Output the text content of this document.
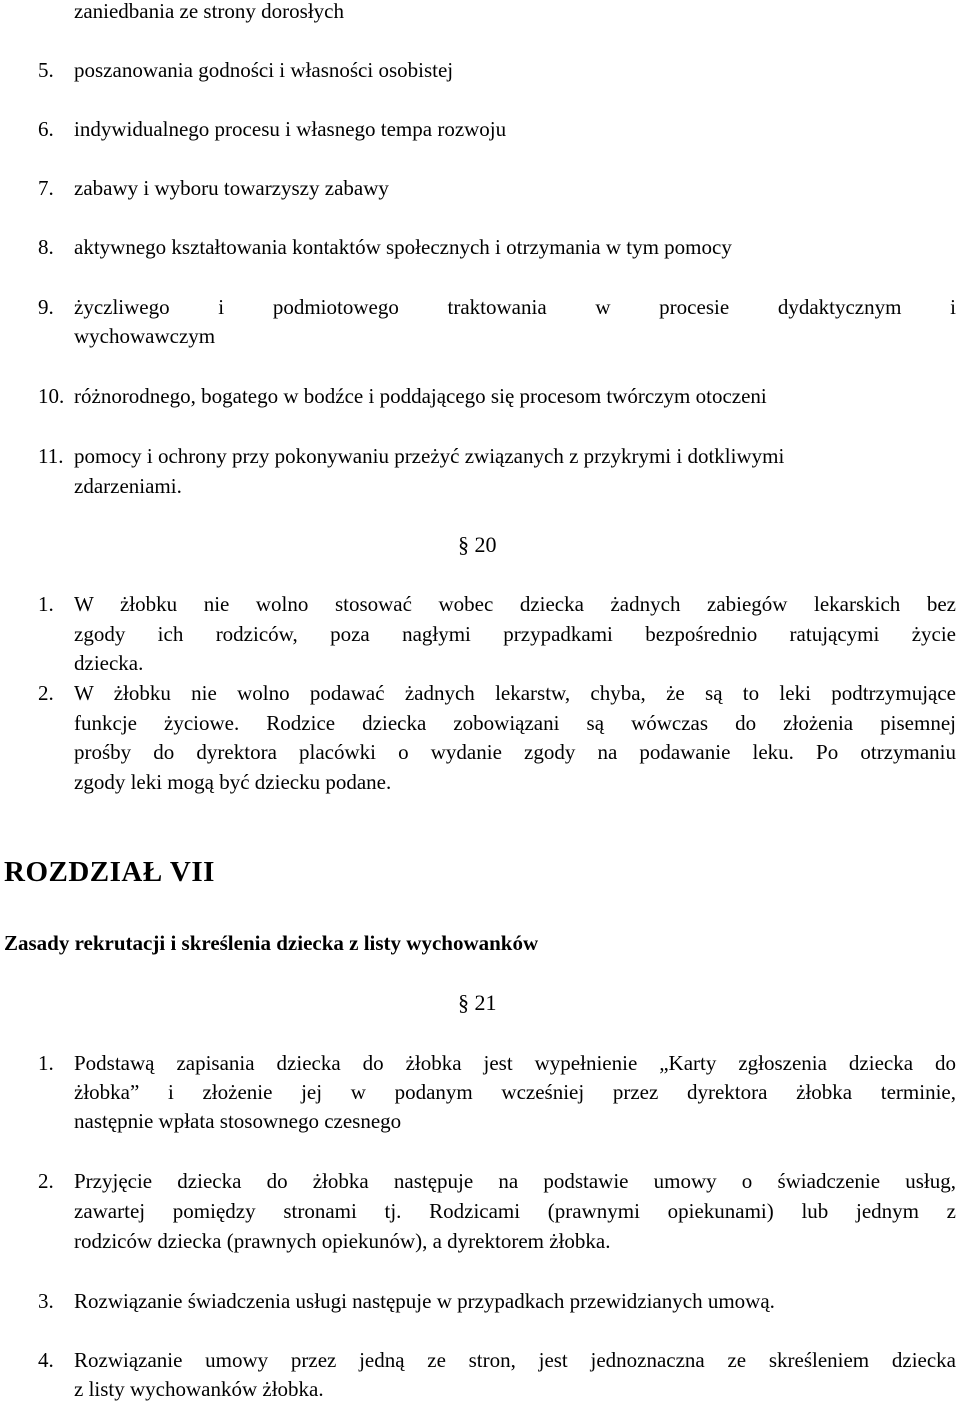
zaniedbania ze strony dorosłych
5. poszanowania godności i własności osobistej
6. indywidualnego procesu i własnego tempa rozwoju
7. zabawy i wyboru towarzyszy zabawy
8. aktywnego kształtowania kontaktów społecznych i otrzymania w tym pomocy
9. życzliwego i podmiotowego traktowania w procesie dydaktycznym i
wychowawczym
10. różnorodnego, bogatego w bodźce i poddającego się procesom twórczym otoczeni
11. pomocy i ochrony przy pokonywaniu przeżyć związanych z przykrymi i dotkliwymi
zdarzeniami.
§ 20
1. W żłobku nie wolno stosować wobec dziecka żadnych zabiegów lekarskich bez
zgody ich rodziców, poza nagłymi przypadkami bezpośrednio ratującymi życie
dziecka.
2. W żłobku nie wolno podawać żadnych lekarstw, chyba, że są to leki podtrzymujące
funkcje życiowe. Rodzice dziecka zobowiązani są wówczas do złożenia pisemnej
prośby do dyrektora placówki o wydanie zgody na podawanie leku. Po otrzymaniu
zgody leki mogą być dziecku podane.
ROZDZIAŁ VII
Zasady rekrutacji i skreślenia dziecka z listy wychowanków
§ 21
1. Podstawą zapisania dziecka do żłobka jest wypełnienie „Karty zgłoszenia dziecka do
żłobka” i złożenie jej w podanym wcześniej przez dyrektora żłobka terminie,
następnie wpłata stosownego czesnego
2. Przyjęcie dziecka do żłobka następuje na podstawie umowy o świadczenie usług,
zawartej pomiędzy stronami tj. Rodzicami (prawnymi opiekunami) lub jednym z
rodziców dziecka (prawnych opiekunów), a dyrektorem żłobka.
3. Rozwiązanie świadczenia usługi następuje w przypadkach przewidzianych umową.
4. Rozwiązanie umowy przez jedną ze stron, jest jednoznaczna ze skreśleniem dziecka
z listy wychowanków żłobka.
